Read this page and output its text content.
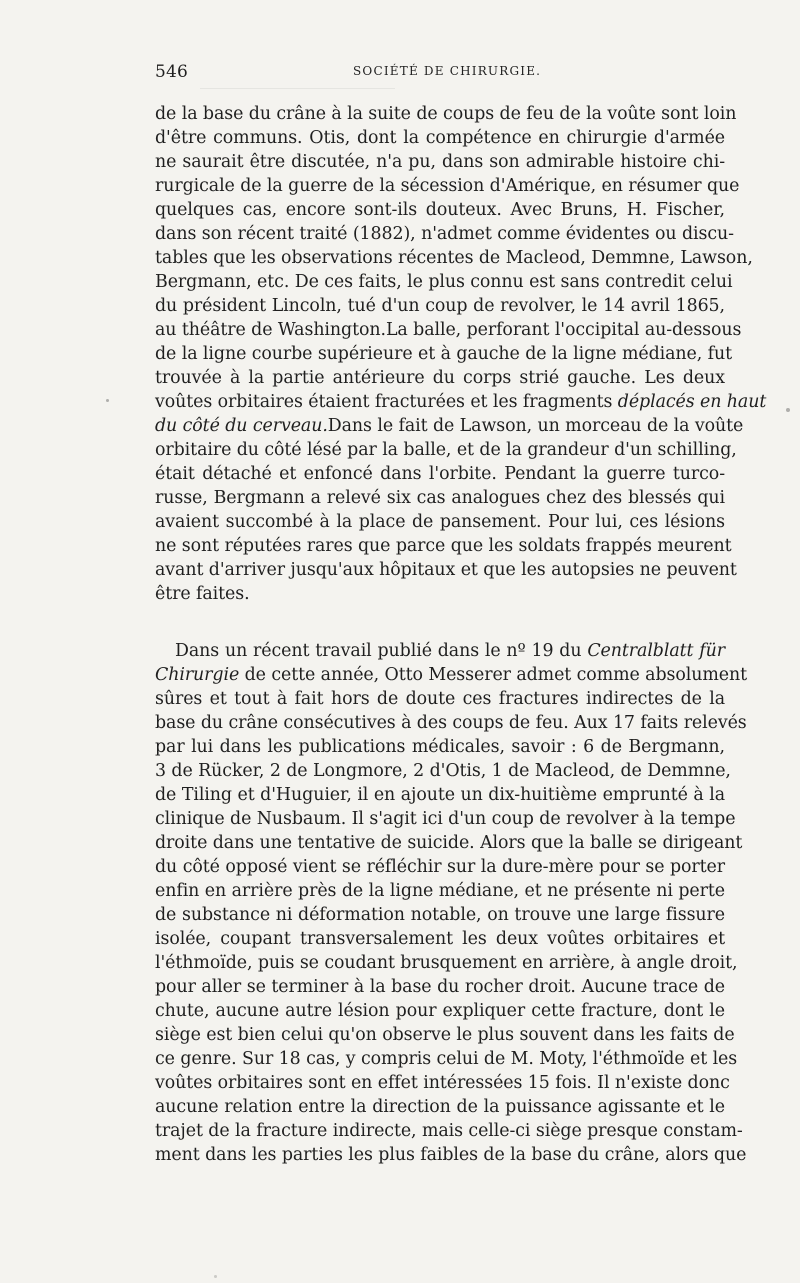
546	SOCIÉTÉ DE CHIRURGIE.
de la base du crâne à la suite de coups de feu de la voûte sont loin
d'être communs. Otis, dont la compétence en chirurgie d'armée
ne saurait être discutée, n'a pu, dans son admirable histoire chi-
rurgicale de la guerre de la sécession d'Amérique, en résumer que
quelques cas, encore sont-ils douteux. Avec Bruns, H. Fischer,
dans son récent traité (1882), n'admet comme évidentes ou discu-
tables que les observations récentes de Macleod, Demmne, Lawson,
Bergmann, etc. De ces faits, le plus connu est sans contredit celui
du président Lincoln, tué d'un coup de revolver, le 14 avril 1865,
au théâtre de Washington.La balle, perforant l'occipital au-dessous
de la ligne courbe supérieure et à gauche de la ligne médiane, fut
trouvée à la partie antérieure du corps strié gauche. Les deux
voûtes orbitaires étaient fracturées et les fragments déplacés en haut
du côté du cerveau.Dans le fait de Lawson, un morceau de la voûte
orbitaire du côté lésé par la balle, et de la grandeur d'un schilling,
était détaché et enfoncé dans l'orbite. Pendant la guerre turco-
russe, Bergmann a relevé six cas analogues chez des blessés qui
avaient succombé à la place de pansement. Pour lui, ces lésions
ne sont réputées rares que parce que les soldats frappés meurent
avant d'arriver jusqu'aux hôpitaux et que les autopsies ne peuvent
être faites.
Dans un récent travail publié dans le nº 19 du Centralblatt für
Chirurgie de cette année, Otto Messerer admet comme absolument
sûres et tout à fait hors de doute ces fractures indirectes de la
base du crâne consécutives à des coups de feu. Aux 17 faits relevés
par lui dans les publications médicales, savoir : 6 de Bergmann,
3 de Rücker, 2 de Longmore, 2 d'Otis, 1 de Macleod, de Demmne,
de Tiling et d'Huguier, il en ajoute un dix-huitième emprunté à la
clinique de Nusbaum. Il s'agit ici d'un coup de revolver à la tempe
droite dans une tentative de suicide. Alors que la balle se dirigeant
du côté opposé vient se réfléchir sur la dure-mère pour se porter
enfin en arrière près de la ligne médiane, et ne présente ni perte
de substance ni déformation notable, on trouve une large fissure
isolée, coupant transversalement les deux voûtes orbitaires et
l'éthmoïde, puis se coudant brusquement en arrière, à angle droit,
pour aller se terminer à la base du rocher droit. Aucune trace de
chute, aucune autre lésion pour expliquer cette fracture, dont le
siège est bien celui qu'on observe le plus souvent dans les faits de
ce genre. Sur 18 cas, y compris celui de M. Moty, l'éthmoïde et les
voûtes orbitaires sont en effet intéressées 15 fois. Il n'existe donc
aucune relation entre la direction de la puissance agissante et le
trajet de la fracture indirecte, mais celle-ci siège presque constam-
ment dans les parties les plus faibles de la base du crâne, alors que
